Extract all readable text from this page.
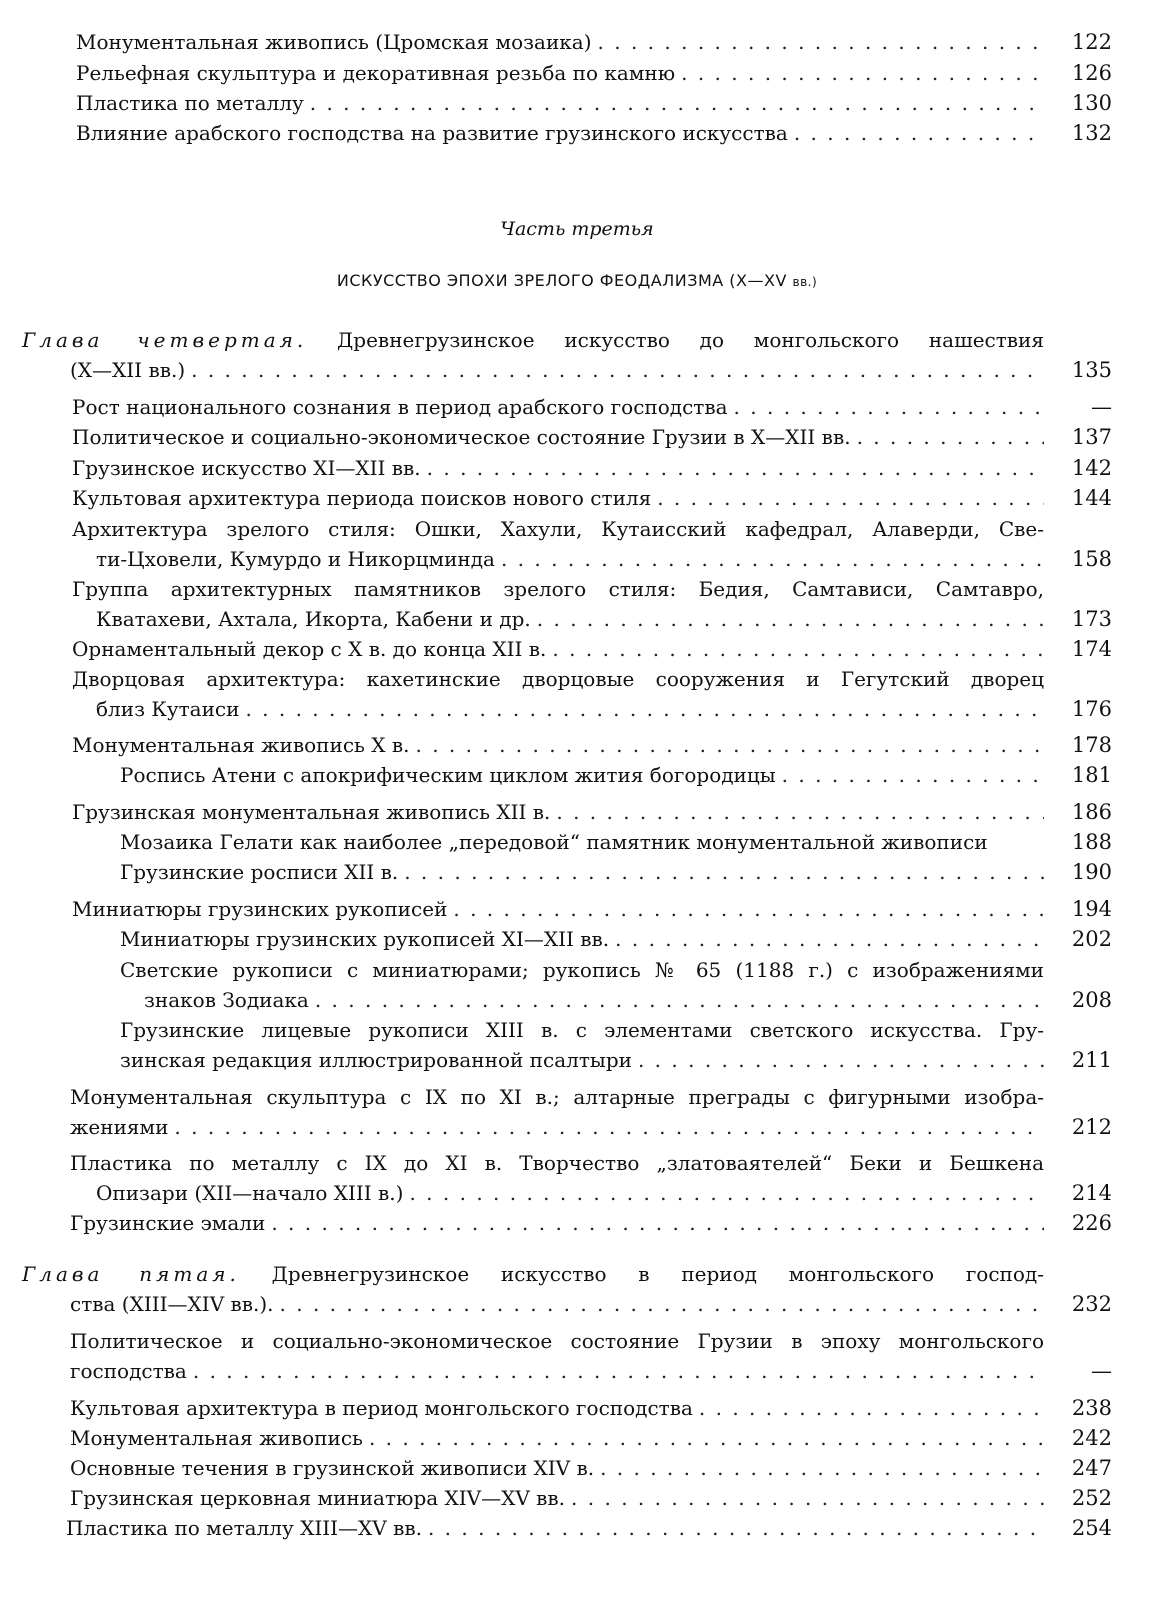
Монументальная живопись (Цромская мозаика) . . .	122
Рельефная скульптура и декоративная резьба по камню . . .	126
Пластика по металлу . . .	130
Влияние арабского господства на развитие грузинского искусства . . .	132
Часть третья
ИСКУССТВО ЭПОХИ ЗРЕЛОГО ФЕОДАЛИЗМА (X—XV вв.)
Глава четвертая. Древнегрузинское искусство до монгольского нашествия
(X—XII вв.) . . .	135
Рост национального сознания в период арабского господства . . .	—
Политическое и социально-экономическое состояние Грузии в X—XII вв. . . .	137
Грузинское искусство XI—XII вв. . . .	142
Культовая архитектура периода поисков нового стиля . . .	144
Архитектура зрелого стиля: Ошки, Хахули, Кутаисский кафедрал, Алаверди, Све-
ти-Цховели, Кумурдо и Никорцминда . . .	158
Группа архитектурных памятников зрелого стиля: Бедия, Самтависи, Самтавро,
Кватахеви, Ахтала, Икорта, Кабени и др. . . .	173
Орнаментальный декор с X в. до конца XII в. . . .	174
Дворцовая архитектура: кахетинские дворцовые сооружения и Гегутский дворец
близ Кутаиси . . .	176
Монументальная живопись X в. . . .	178
Роспись Атени с апокрифическим циклом жития богородицы . . .	181
Грузинская монументальная живопись XII в. . . .	186
Мозаика Гелати как наиболее „передовой“ памятник монументальной живописи	188
Грузинские росписи XII в. . . .	190
Миниатюры грузинских рукописей . . .	194
Миниатюры грузинских рукописей XI—XII вв. . . .	202
Светские рукописи с миниатюрами; рукопись № 65 (1188 г.) с изображениями
знаков Зодиака . . .	208
Грузинские лицевые рукописи XIII в. с элементами светского искусства. Гру-
зинская редакция иллюстрированной псалтыри . . .	211
Монументальная скульптура с IX по XI в.; алтарные преграды с фигурными изобра-
жениями . . .	212
Пластика по металлу с IX до XI в. Творчество „златоваятелей“ Беки и Бешкена
Опизари (XII—начало XIII в.) . . .	214
Грузинские эмали . . .	226
Глава пятая. Древнегрузинское искусство в период монгольского господ-
ства (XIII—XIV вв.). . . .	232
Политическое и социально-экономическое состояние Грузии в эпоху монгольского
господства . . .	—
Культовая архитектура в период монгольского господства . . .	238
Монументальная живопись . . .	242
Основные течения в грузинской живописи XIV в. . . .	247
Грузинская церковная миниатюра XIV—XV вв. . . .	252
Пластика по металлу XIII—XV вв. . . .	254
